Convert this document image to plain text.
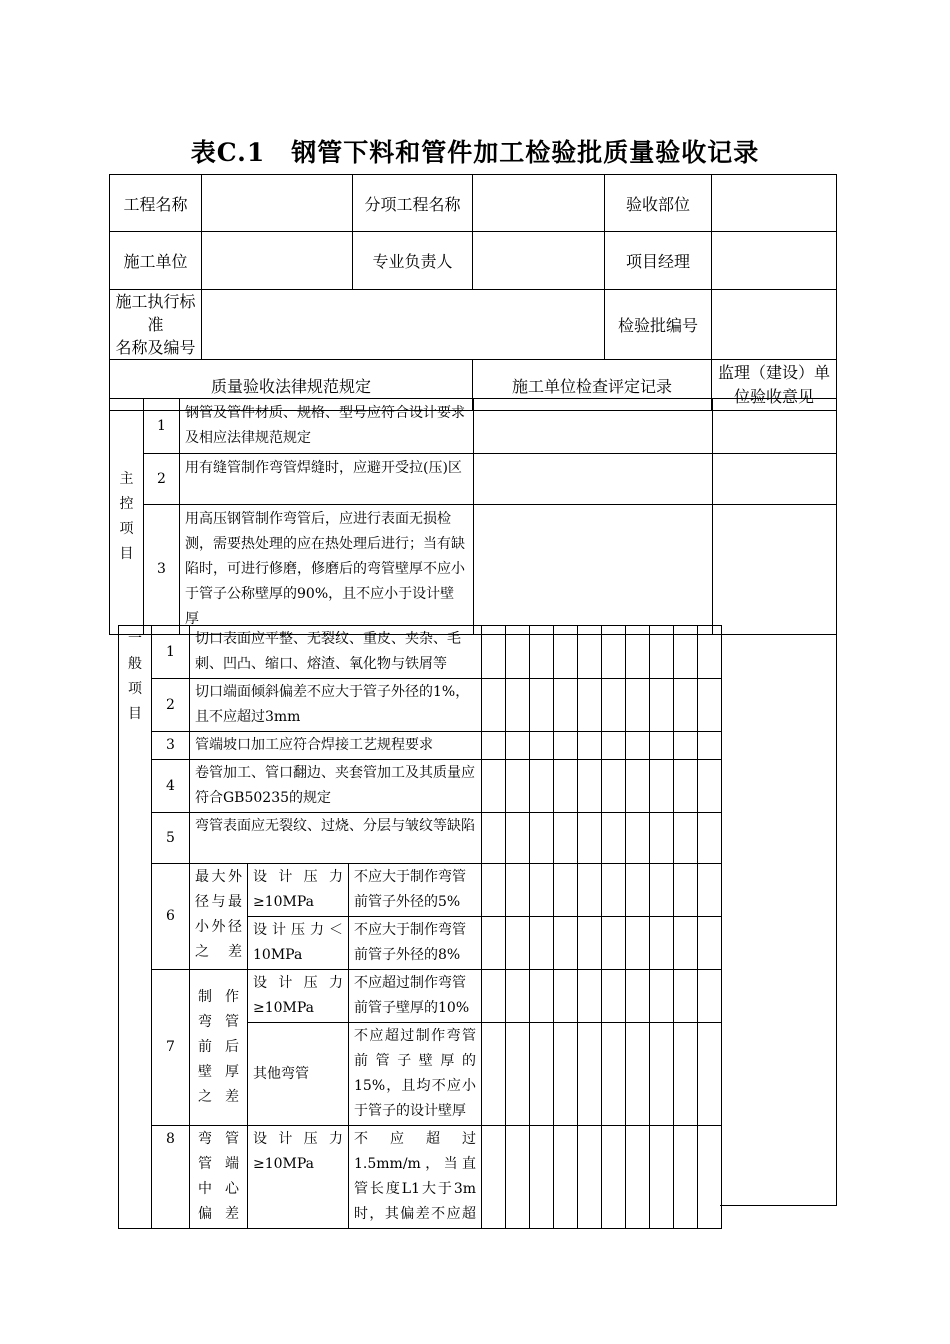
表C.1　钢管下料和管件加工检验批质量验收记录
工程名称		分项工程名称		验收部位	
施工单位		专业负责人		项目经理	

施工执行标准
名称及编号				检验批编号	
质量验收法律规范规定			施工单位检查评定记录		监理（建设）单
位验收意见
主
控
项
目	1	钢管及管件材质、规格、型号应符合设计要求及相应法律规范规定		
	2	用有缝管制作弯管焊缝时，应避开受拉(压)区		
	3	用高压钢管制作弯管后，应进行表面无损检测，需要热处理的应在热处理后进行；当有缺陷时，可进行修磨，修磨后的弯管壁厚不应小于管子公称壁厚的90%，且不应小于设计壁厚		
一
般
项
目	1	切口表面应平整、无裂纹、重皮、夹杂、毛刺、凹凸、缩口、熔渣、氧化物与铁屑等												
	2	切口端面倾斜偏差不应大于管子外径的1%，且不应超过3mm												
	3	管端坡口加工应符合焊接工艺规程要求												
	4	卷管加工、管口翻边、夹套管加工及其质量应符合GB50235的规定												
	5	弯管表面应无裂纹、过烧、分层与皱纹等缺陷												
	6	最大外径与最小外径之差	设计压力≥10MPa	不应大于制作弯管前管子外径的5%										
			设计压力＜10MPa	不应大于制作弯管前管子外径的8%										
	7	制作弯管前后壁厚之差	设计压力≥10MPa	不应超过制作弯管前管子壁厚的10%										
			其他弯管	不应超过制作弯管前管子壁厚的15%，且均不应小于管子的设计壁厚										
	8	弯管管端中心偏差	设计压力≥10MPa	不应超过1.5mm/m，当直管长度L1大于3m时，其偏差不应超										
